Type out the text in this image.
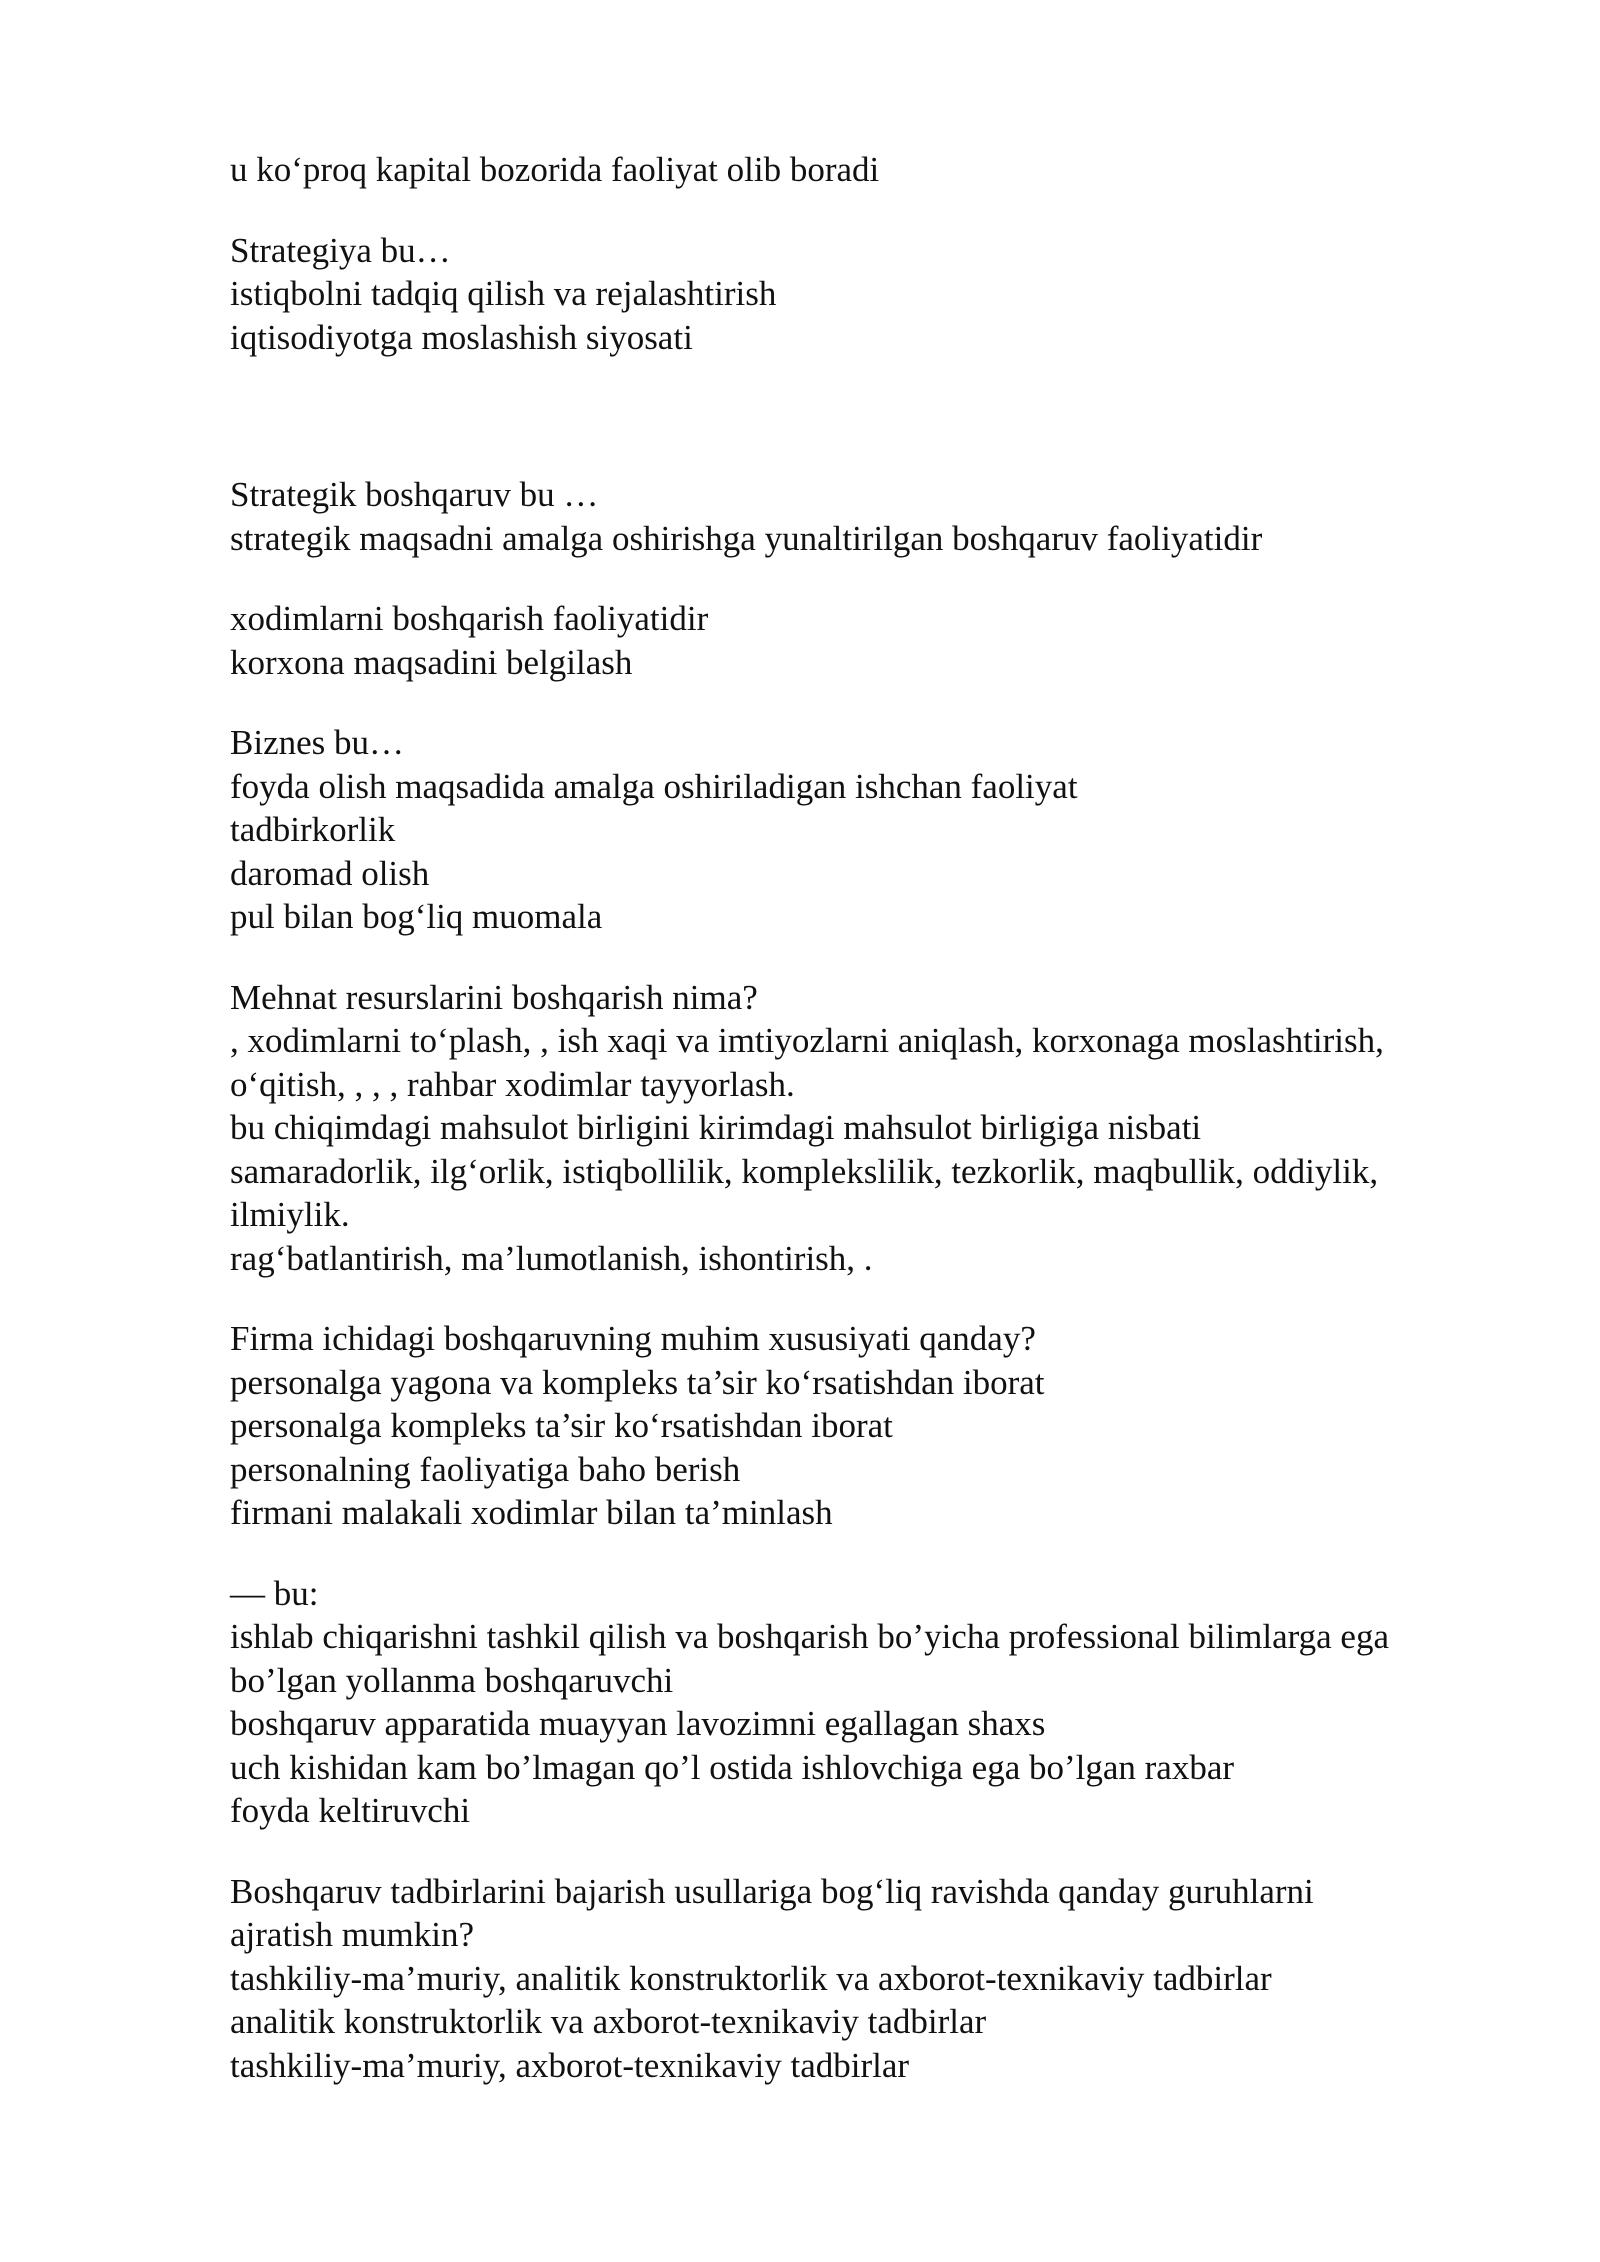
u ko‘proq kapital bozorida faoliyat olib boradi
Strategiya bu…
istiqbolni tadqiq qilish va rejalashtirish
iqtisodiyotga moslashish siyosati
Strategik boshqaruv bu …
strategik maqsadni amalga oshirishga yunaltirilgan boshqaruv faoliyatidir
xodimlarni boshqarish faoliyatidir
korxona maqsadini belgilash
Biznes bu…
foyda olish maqsadida amalga oshiriladigan ishchan faoliyat
tadbirkorlik
daromad olish
pul bilan bog‘liq muomala
Mehnat resurslarini boshqarish nima?
, xodimlarni to‘plash, , ish xaqi va imtiyozlarni aniqlash, korxonaga moslashtirish,
o‘qitish, , , , rahbar xodimlar tayyorlash.
bu chiqimdagi mahsulot birligini kirimdagi mahsulot birligiga nisbati
samaradorlik, ilg‘orlik, istiqbollilik, komplekslilik, tezkorlik, maqbullik, oddiylik,
ilmiylik.
rag‘batlantirish, ma’lumotlanish, ishontirish, .
Firma ichidagi boshqaruvning muhim xususiyati qanday?
personalga yagona va kompleks ta’sir ko‘rsatishdan iborat
personalga kompleks ta’sir ko‘rsatishdan iborat
personalning faoliyatiga baho berish
firmani malakali xodimlar bilan ta’minlash
— bu:
ishlab chiqarishni tashkil qilish va boshqarish bo’yicha professional bilimlarga ega
bo’lgan yollanma boshqaruvchi
boshqaruv apparatida muayyan lavozimni egallagan shaxs
uch kishidan kam bo’lmagan qo’l ostida ishlovchiga ega bo’lgan raxbar
foyda keltiruvchi
Boshqaruv tadbirlarini bajarish usullariga bog‘liq ravishda qanday guruhlarni
ajratish mumkin?
tashkiliy-ma’muriy, analitik konstruktorlik va axborot-texnikaviy tadbirlar
analitik konstruktorlik va axborot-texnikaviy tadbirlar
tashkiliy-ma’muriy, axborot-texnikaviy tadbirlar
